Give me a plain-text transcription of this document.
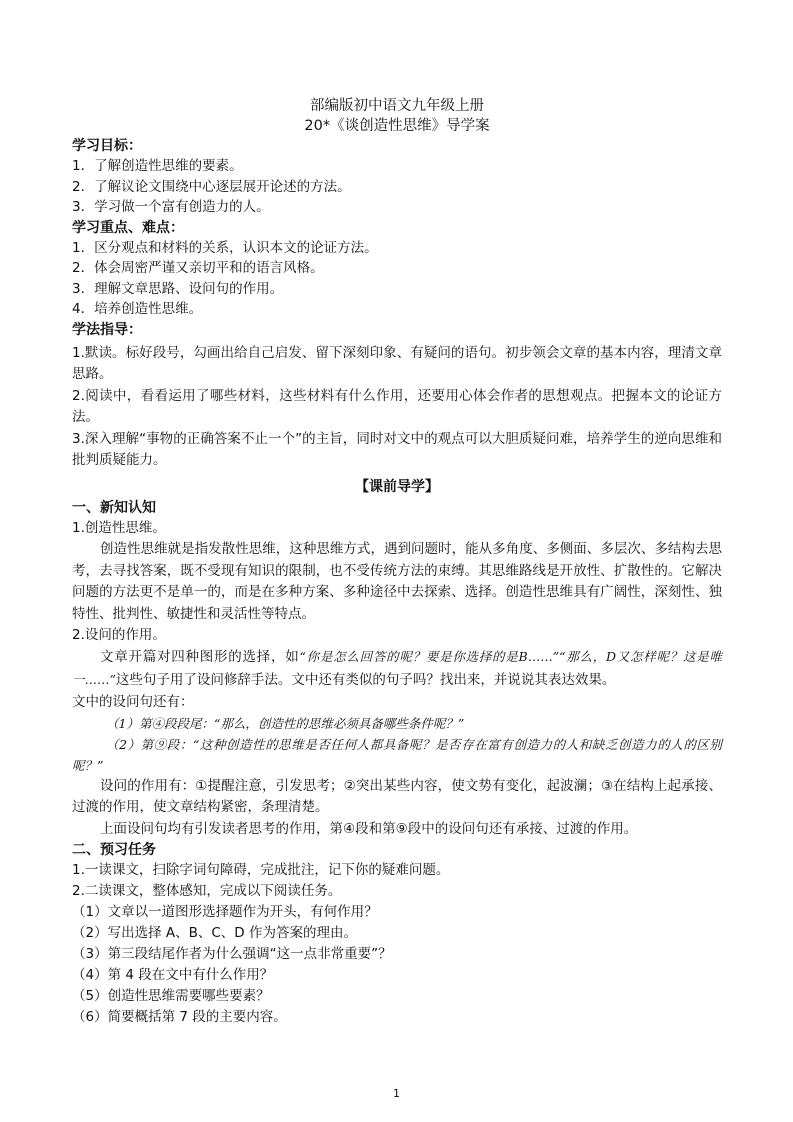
部编版初中语文九年级上册

20*《谈创造性思维》导学案

学习目标：

1．了解创造性思维的要素。

2．了解议论文围绕中心逐层展开论述的方法。

3．学习做一个富有创造力的人。

学习重点、难点：

1．区分观点和材料的关系，认识本文的论证方法。

2．体会周密严谨又亲切平和的语言风格。

3．理解文章思路、设问句的作用。

4．培养创造性思维。

学法指导：

1.默读。标好段号，勾画出给自己启发、留下深刻印象、有疑问的语句。初步领会文章的基本内容，理清文章思路。

2.阅读中，看看运用了哪些材料，这些材料有什么作用，还要用心体会作者的思想观点。把握本文的论证方法。

3.深入理解“事物的正确答案不止一个”的主旨，同时对文中的观点可以大胆质疑问难，培养学生的逆向思维和批判质疑能力。

【课前导学】

一、新知认知

1.创造性思维。

创造性思维就是指发散性思维，这种思维方式，遇到问题时，能从多角度、多侧面、多层次、多结构去思考，去寻找答案，既不受现有知识的限制，也不受传统方法的束缚。其思维路线是开放性、扩散性的。它解决问题的方法更不是单一的，而是在多种方案、多种途径中去探索、选择。创造性思维具有广阔性，深刻性、独特性、批判性、敏捷性和灵活性等特点。

2.设问的作用。

文章开篇对四种图形的选择，如“你是怎么回答的呢？要是你选择的是B……”“那么，D又怎样呢？这是唯一……”这些句子用了设问修辞手法。文中还有类似的句子吗？找出来，并说说其表达效果。

文中的设问句还有：

（1）第④段段尾：“那么，创造性的思维必须具备哪些条件呢？”

（2）第⑨段：“这种创造性的思维是否任何人都具备呢？是否存在富有创造力的人和缺乏创造力的人的区别呢？”

设问的作用有：①提醒注意，引发思考；②突出某些内容，使文势有变化，起波澜；③在结构上起承接、过渡的作用，使文章结构紧密，条理清楚。

上面设问句均有引发读者思考的作用，第④段和第⑨段中的设问句还有承接、过渡的作用。

二、预习任务

1.一读课文，扫除字词句障碍，完成批注，记下你的疑难问题。

2.二读课文，整体感知，完成以下阅读任务。

（1）文章以一道图形选择题作为开头，有何作用？

（2）写出选择 A、B、C、D 作为答案的理由。

（3）第三段结尾作者为什么强调“这一点非常重要”？

（4）第 4 段在文中有什么作用？

（5）创造性思维需要哪些要素？

（6）简要概括第 7 段的主要内容。

1
